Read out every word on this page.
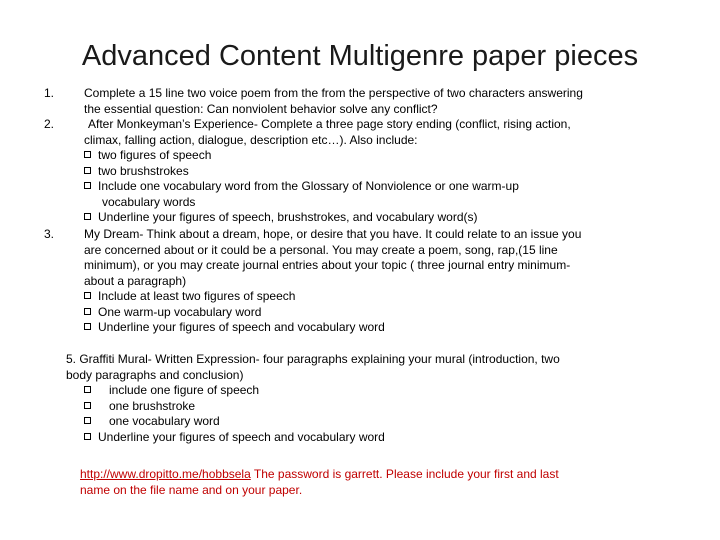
Advanced Content Multigenre paper pieces
1. Complete a 15 line two voice poem from the from the perspective of two characters answering
the essential question: Can nonviolent behavior solve any conflict?
2.	After Monkeyman’s Experience- Complete a three page story ending (conflict, rising action,
climax, falling action, dialogue, description etc…). Also include:
two figures of speech
two brushstrokes
Include one vocabulary word from the Glossary of Nonviolence or one warm-up
vocabulary words
Underline your figures of speech, brushstrokes, and vocabulary word(s)
3. My Dream- Think about a dream, hope, or desire that you have. It could relate to an issue you
are concerned about or it could be a personal. You may create a poem, song, rap,(15 line
minimum), or you may create journal entries about your topic ( three journal entry minimum-
about a paragraph)
Include at least two figures of speech
One warm-up vocabulary word
Underline your figures of speech and vocabulary word
5. Graffiti Mural- Written Expression- four paragraphs explaining your mural (introduction, two
body paragraphs and conclusion)
include one figure of speech
one brushstroke
one vocabulary word
Underline your figures of speech and vocabulary word
http://www.dropitto.me/hobbsela The password is garrett. Please include your first and last
name on the file name and on your paper.
